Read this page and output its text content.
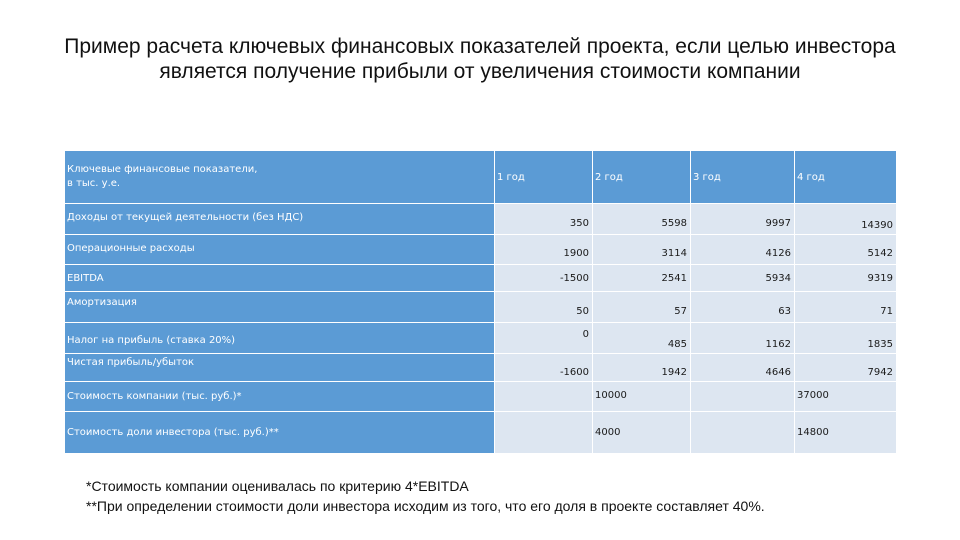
Пример расчета ключевых финансовых показателей проекта, если целью инвестора
является получение прибыли от увеличения стоимости компании
Ключевые финансовые показатели,
в тыс. у.е.	1 год	2 год	3 год	4 год
Доходы от текущей деятельности (без НДС)	350	5598	9997	14390
Операционные расходы	1900	3114	4126	5142
EBITDA	-1500	2541	5934	9319
Амортизация	50	57	63	71
Налог на прибыль (ставка 20%)	0	485	1162	1835
Чистая прибыль/убыток	-1600	1942	4646	7942
Стоимость компании (тыс. руб.)*		10000		37000
Стоимость доли инвестора (тыс. руб.)**		4000		14800
*Стоимость компании оценивалась по критерию 4*EBITDA
**При определении стоимости доли инвестора исходим из того, что его доля в проекте составляет 40%.
